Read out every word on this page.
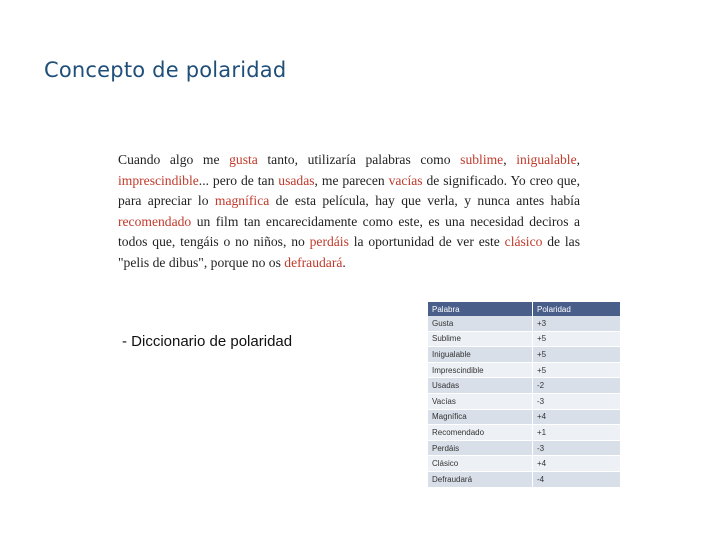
Concepto de polaridad
Cuando algo me gusta tanto, utilizaría palabras como sublime, inigualable, imprescindible... pero de tan usadas, me parecen vacías de significado. Yo creo que, para apreciar lo magnífica de esta película, hay que verla, y nunca antes había recomendado un film tan encarecidamente como este, es una necesidad deciros a todos que, tengáis o no niños, no perdáis la oportunidad de ver este clásico de las "pelis de dibus", porque no os defraudará.
- Diccionario de polaridad
Palabra	Polaridad
Gusta	+3
Sublime	+5
Inigualable	+5
Imprescindible	+5
Usadas	-2
Vacías	-3
Magnífica	+4
Recomendado	+1
Perdáis	-3
Clásico	+4
Defraudará	-4
